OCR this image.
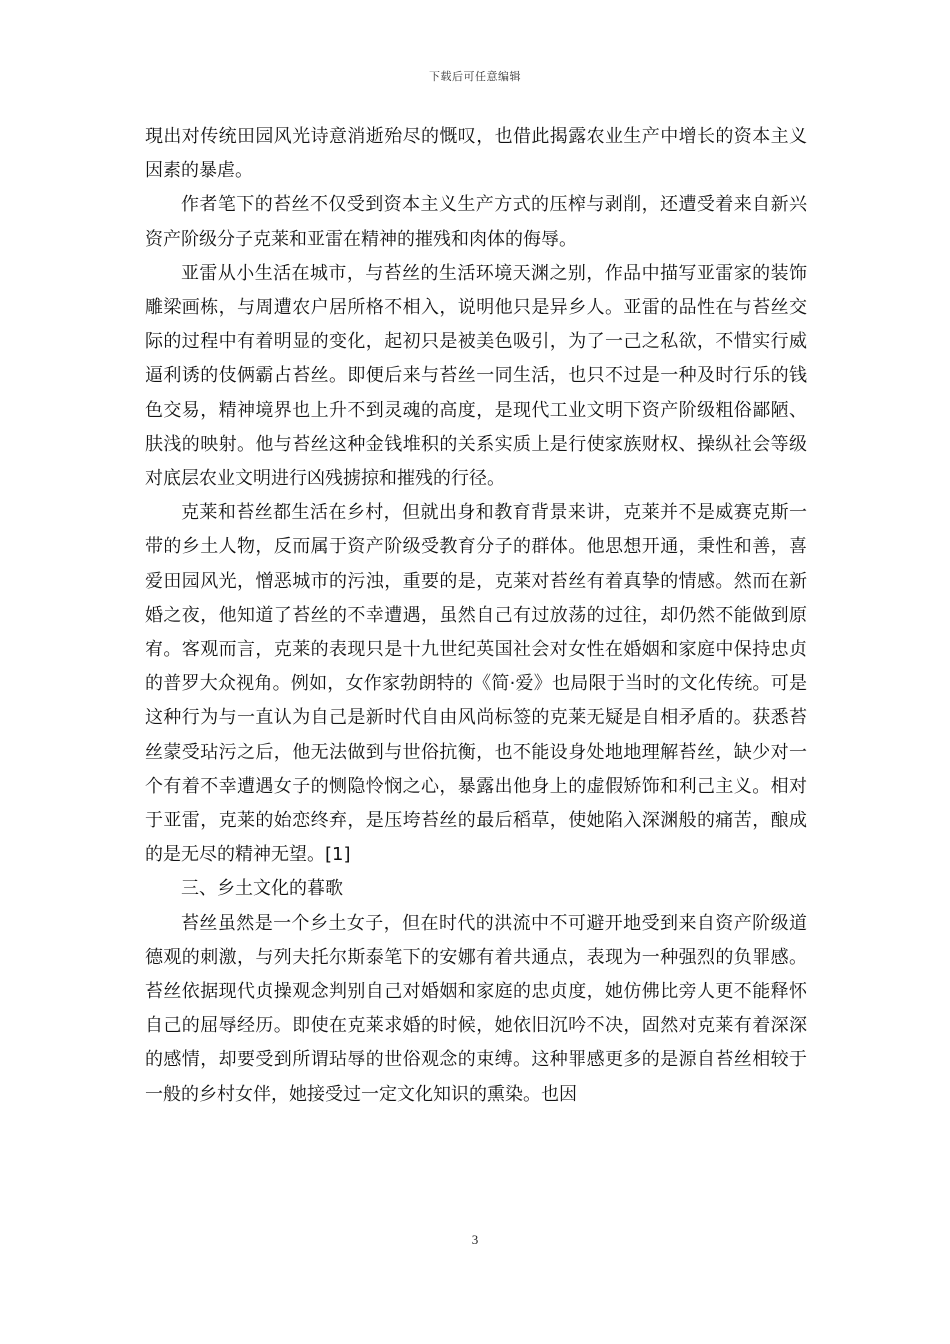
下载后可任意编辑

現出对传统田园风光诗意消逝殆尽的慨叹，也借此揭露农业生产中增长的资本主义因素的暴虐。

作者笔下的苔丝不仅受到资本主义生产方式的压榨与剥削，还遭受着来自新兴资产阶级分子克莱和亚雷在精神的摧残和肉体的侮辱。

亚雷从小生活在城市，与苔丝的生活环境天渊之别，作品中描写亚雷家的装饰雕梁画栋，与周遭农户居所格不相入，说明他只是异乡人。亚雷的品性在与苔丝交际的过程中有着明显的变化，起初只是被美色吸引，为了一己之私欲，不惜实行威逼利诱的伎俩霸占苔丝。即便后来与苔丝一同生活，也只不过是一种及时行乐的钱色交易，精神境界也上升不到灵魂的高度，是现代工业文明下资产阶级粗俗鄙陋、肤浅的映射。他与苔丝这种金钱堆积的关系实质上是行使家族财权、操纵社会等级对底层农业文明进行凶残掳掠和摧残的行径。

克莱和苔丝都生活在乡村，但就出身和教育背景来讲，克莱并不是威赛克斯一带的乡土人物，反而属于资产阶级受教育分子的群体。他思想开通，秉性和善，喜爱田园风光，憎恶城市的污浊，重要的是，克莱对苔丝有着真挚的情感。然而在新婚之夜，他知道了苔丝的不幸遭遇，虽然自己有过放荡的过往，却仍然不能做到原宥。客观而言，克莱的表现只是十九世纪英国社会对女性在婚姻和家庭中保持忠贞的普罗大众视角。例如，女作家勃朗特的《简·爱》也局限于当时的文化传统。可是这种行为与一直认为自己是新时代自由风尚标签的克莱无疑是自相矛盾的。获悉苔丝蒙受玷污之后，他无法做到与世俗抗衡，也不能设身处地地理解苔丝，缺少对一个有着不幸遭遇女子的恻隐怜悯之心，暴露出他身上的虚假矫饰和利己主义。相对于亚雷，克莱的始恋终弃，是压垮苔丝的最后稻草，使她陷入深渊般的痛苦，酿成的是无尽的精神无望。[1]

三、乡土文化的暮歌

苔丝虽然是一个乡土女子，但在时代的洪流中不可避开地受到来自资产阶级道德观的刺激，与列夫托尔斯泰笔下的安娜有着共通点，表现为一种强烈的负罪感。苔丝依据现代贞操观念判别自己对婚姻和家庭的忠贞度，她仿佛比旁人更不能释怀自己的屈辱经历。即使在克莱求婚的时候，她依旧沉吟不决，固然对克莱有着深深的感情，却要受到所谓玷辱的世俗观念的束缚。这种罪感更多的是源自苔丝相较于一般的乡村女伴，她接受过一定文化知识的熏染。也因

3
